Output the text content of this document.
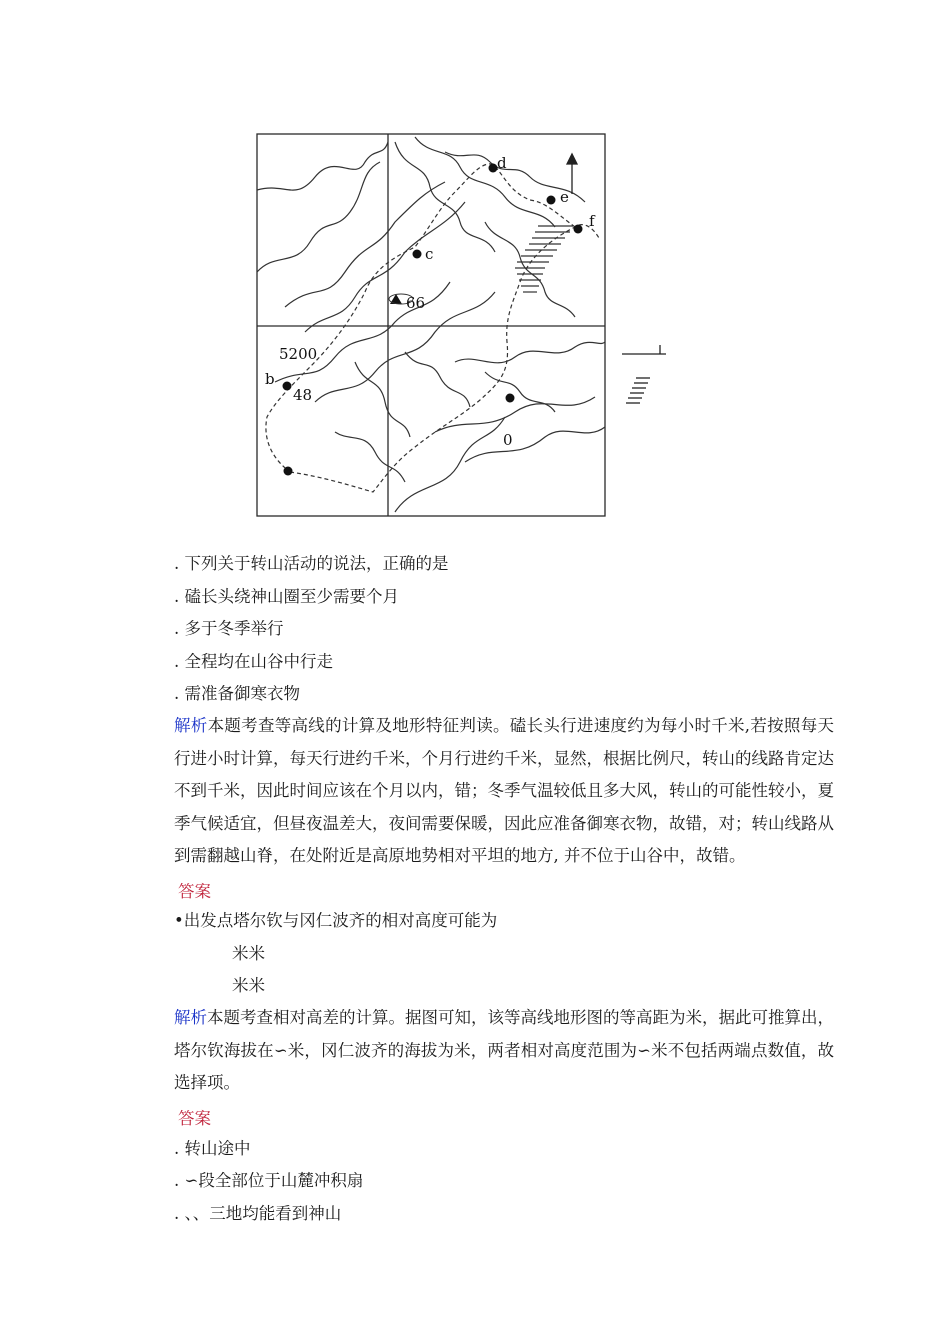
d
e
f
c
66
5200
b
48
0
. 下列关于转山活动的说法，正确的是
. 磕长头绕神山圈至少需要个月
. 多于冬季举行
. 全程均在山谷中行走
. 需准备御寒衣物
解析本题考查等高线的计算及地形特征判读。磕长头行进速度约为每小时千米,若按照每天行进小时计算，每天行进约千米，个月行进约千米，显然，根据比例尺，转山的线路肯定达不到千米，因此时间应该在个月以内，错；冬季气温较低且多大风，转山的可能性较小，夏季气候适宜，但昼夜温差大，夜间需要保暖，因此应准备御寒衣物，故错，对；转山线路从到需翻越山脊，在处附近是高原地势相对平坦的地方, 并不位于山谷中，故错。
答案
•出发点塔尔钦与冈仁波齐的相对高度可能为
米米
米米
解析本题考查相对高差的计算。据图可知，该等高线地形图的等高距为米，据此可推算出，塔尔钦海拔在∽米，冈仁波齐的海拔为米，两者相对高度范围为∽米不包括两端点数值，故选择项。
答案
. 转山途中
. ∽段全部位于山麓冲积扇
. 、、三地均能看到神山
